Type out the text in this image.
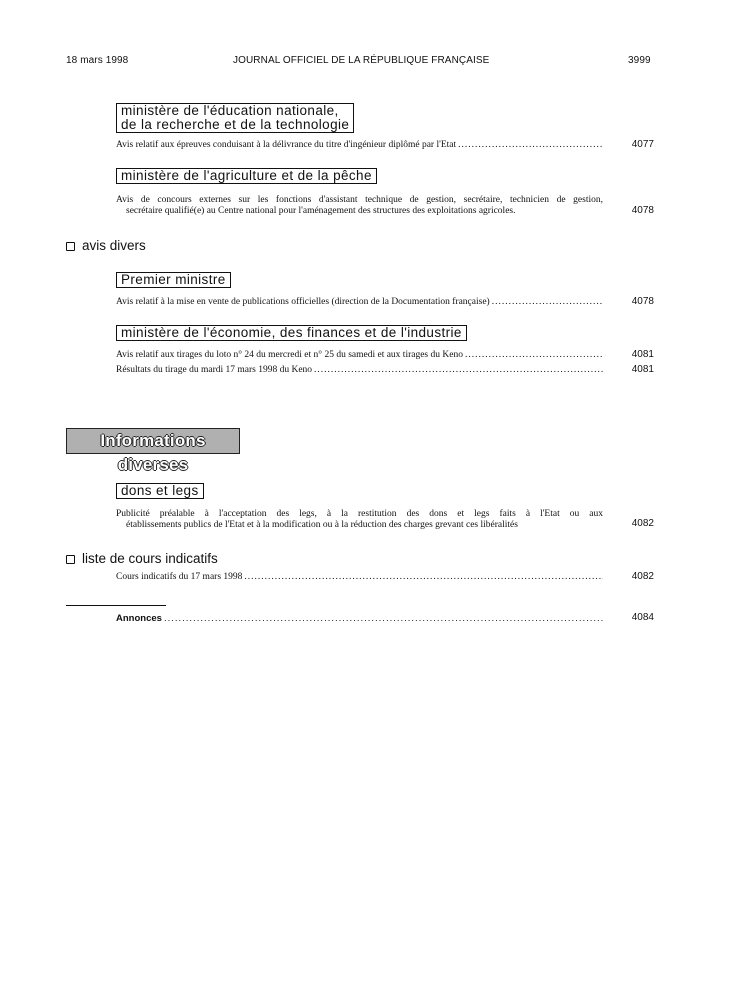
18 mars 1998	JOURNAL OFFICIEL DE LA RÉPUBLIQUE FRANÇAISE	3999
ministère de l'éducation nationale,
de la recherche et de la technologie
Avis relatif aux épreuves conduisant à la délivrance du titre d'ingénieur diplômé par l'Etat .....	4077
ministère de l'agriculture et de la pêche
Avis de concours externes sur les fonctions d'assistant technique de gestion, secrétaire, technicien de gestion,
secrétaire qualifié(e) au Centre national pour l'aménagement des structures des exploitations agricoles.	4078
avis divers
Premier ministre
Avis relatif à la mise en vente de publications officielles (direction de la Documentation française) .....	4078
ministère de l'économie, des finances et de l'industrie
Avis relatif aux tirages du loto n° 24 du mercredi et n° 25 du samedi et aux tirages du Keno .....	4081
Résultats du tirage du mardi 17 mars 1998 du Keno .....	4081
Informations diverses
dons et legs
Publicité préalable à l'acceptation des legs, à la restitution des dons et legs faits à l'Etat ou aux
établissements publics de l'Etat et à la modification ou à la réduction des charges grevant ces libéralités	4082
liste de cours indicatifs
Cours indicatifs du 17 mars 1998 .....	4082
Annonces .....	4084
